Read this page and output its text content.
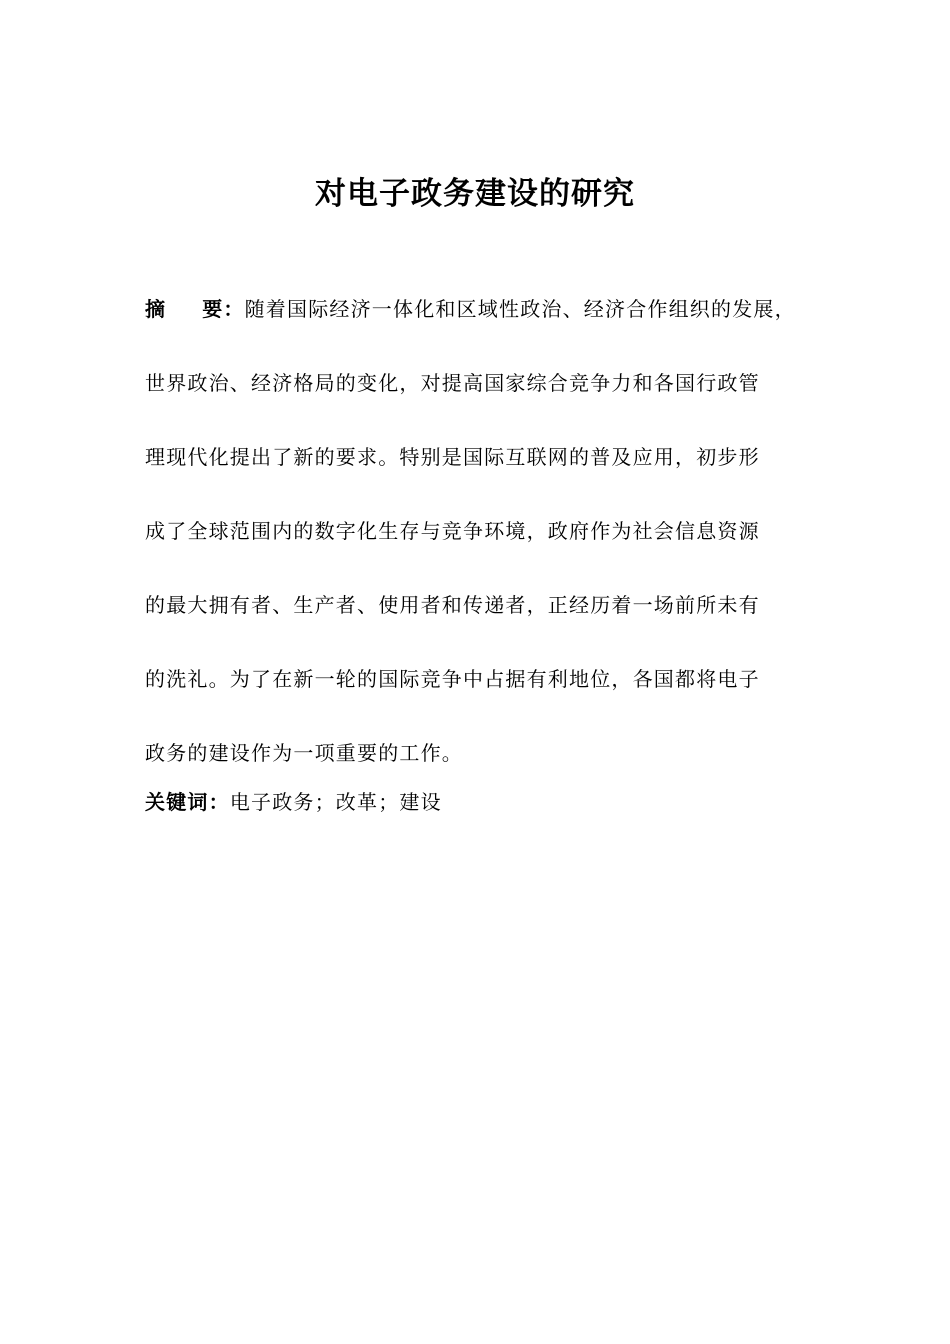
对电子政务建设的研究
摘 要：随着国际经济一体化和区域性政治、经济合作组织的发展，
世界政治、经济格局的变化，对提高国家综合竞争力和各国行政管
理现代化提出了新的要求。特别是国际互联网的普及应用，初步形
成了全球范围内的数字化生存与竞争环境，政府作为社会信息资源
的最大拥有者、生产者、使用者和传递者，正经历着一场前所未有
的洗礼。为了在新一轮的国际竞争中占据有利地位，各国都将电子
政务的建设作为一项重要的工作。
关键词：电子政务；改革；建设
